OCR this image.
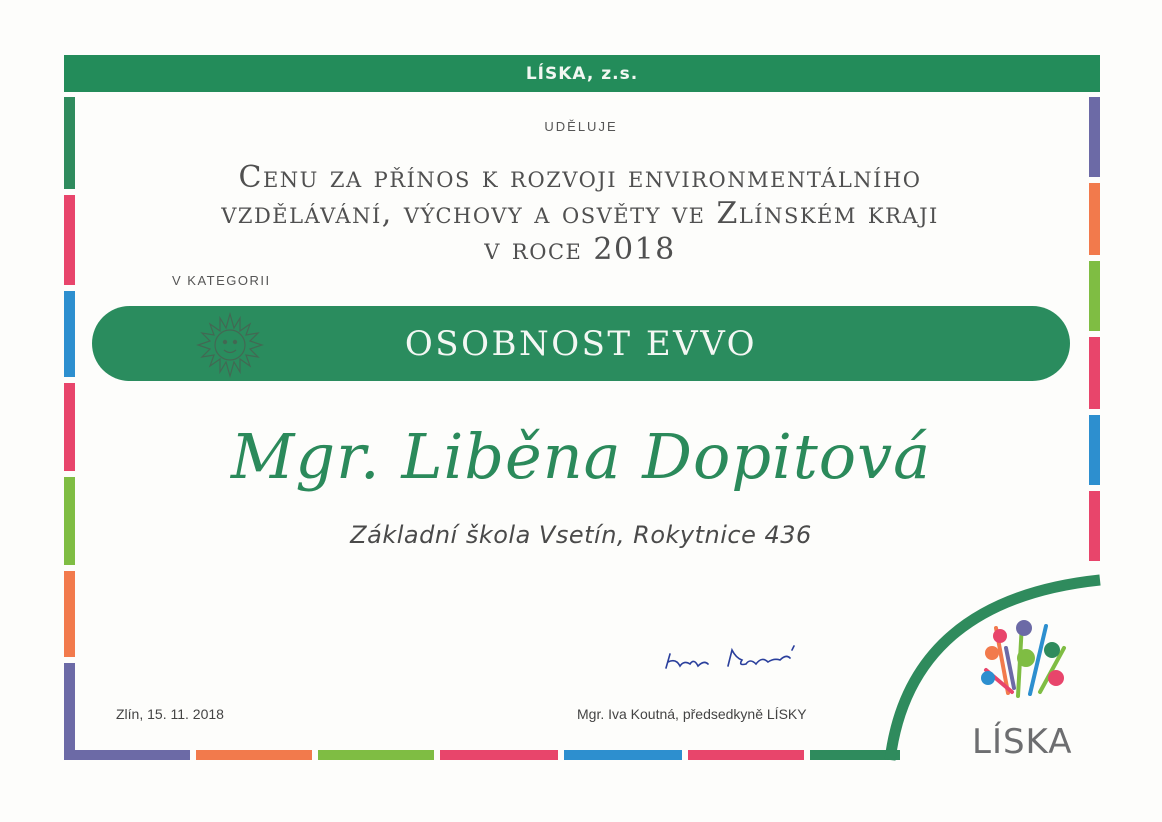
LÍSKA, z.s.
UDĚLUJE
Cenu za přínos k rozvoji environmentálního
vzdělávání, výchovy a osvěty ve Zlínském kraji
v roce 2018
V KATEGORII
OSOBNOST EVVO
Mgr. Liběna Dopitová
Základní škola Vsetín, Rokytnice 436
Zlín, 15. 11. 2018	Mgr. Iva Koutná, předsedkyně LÍSKY
LÍSKA
